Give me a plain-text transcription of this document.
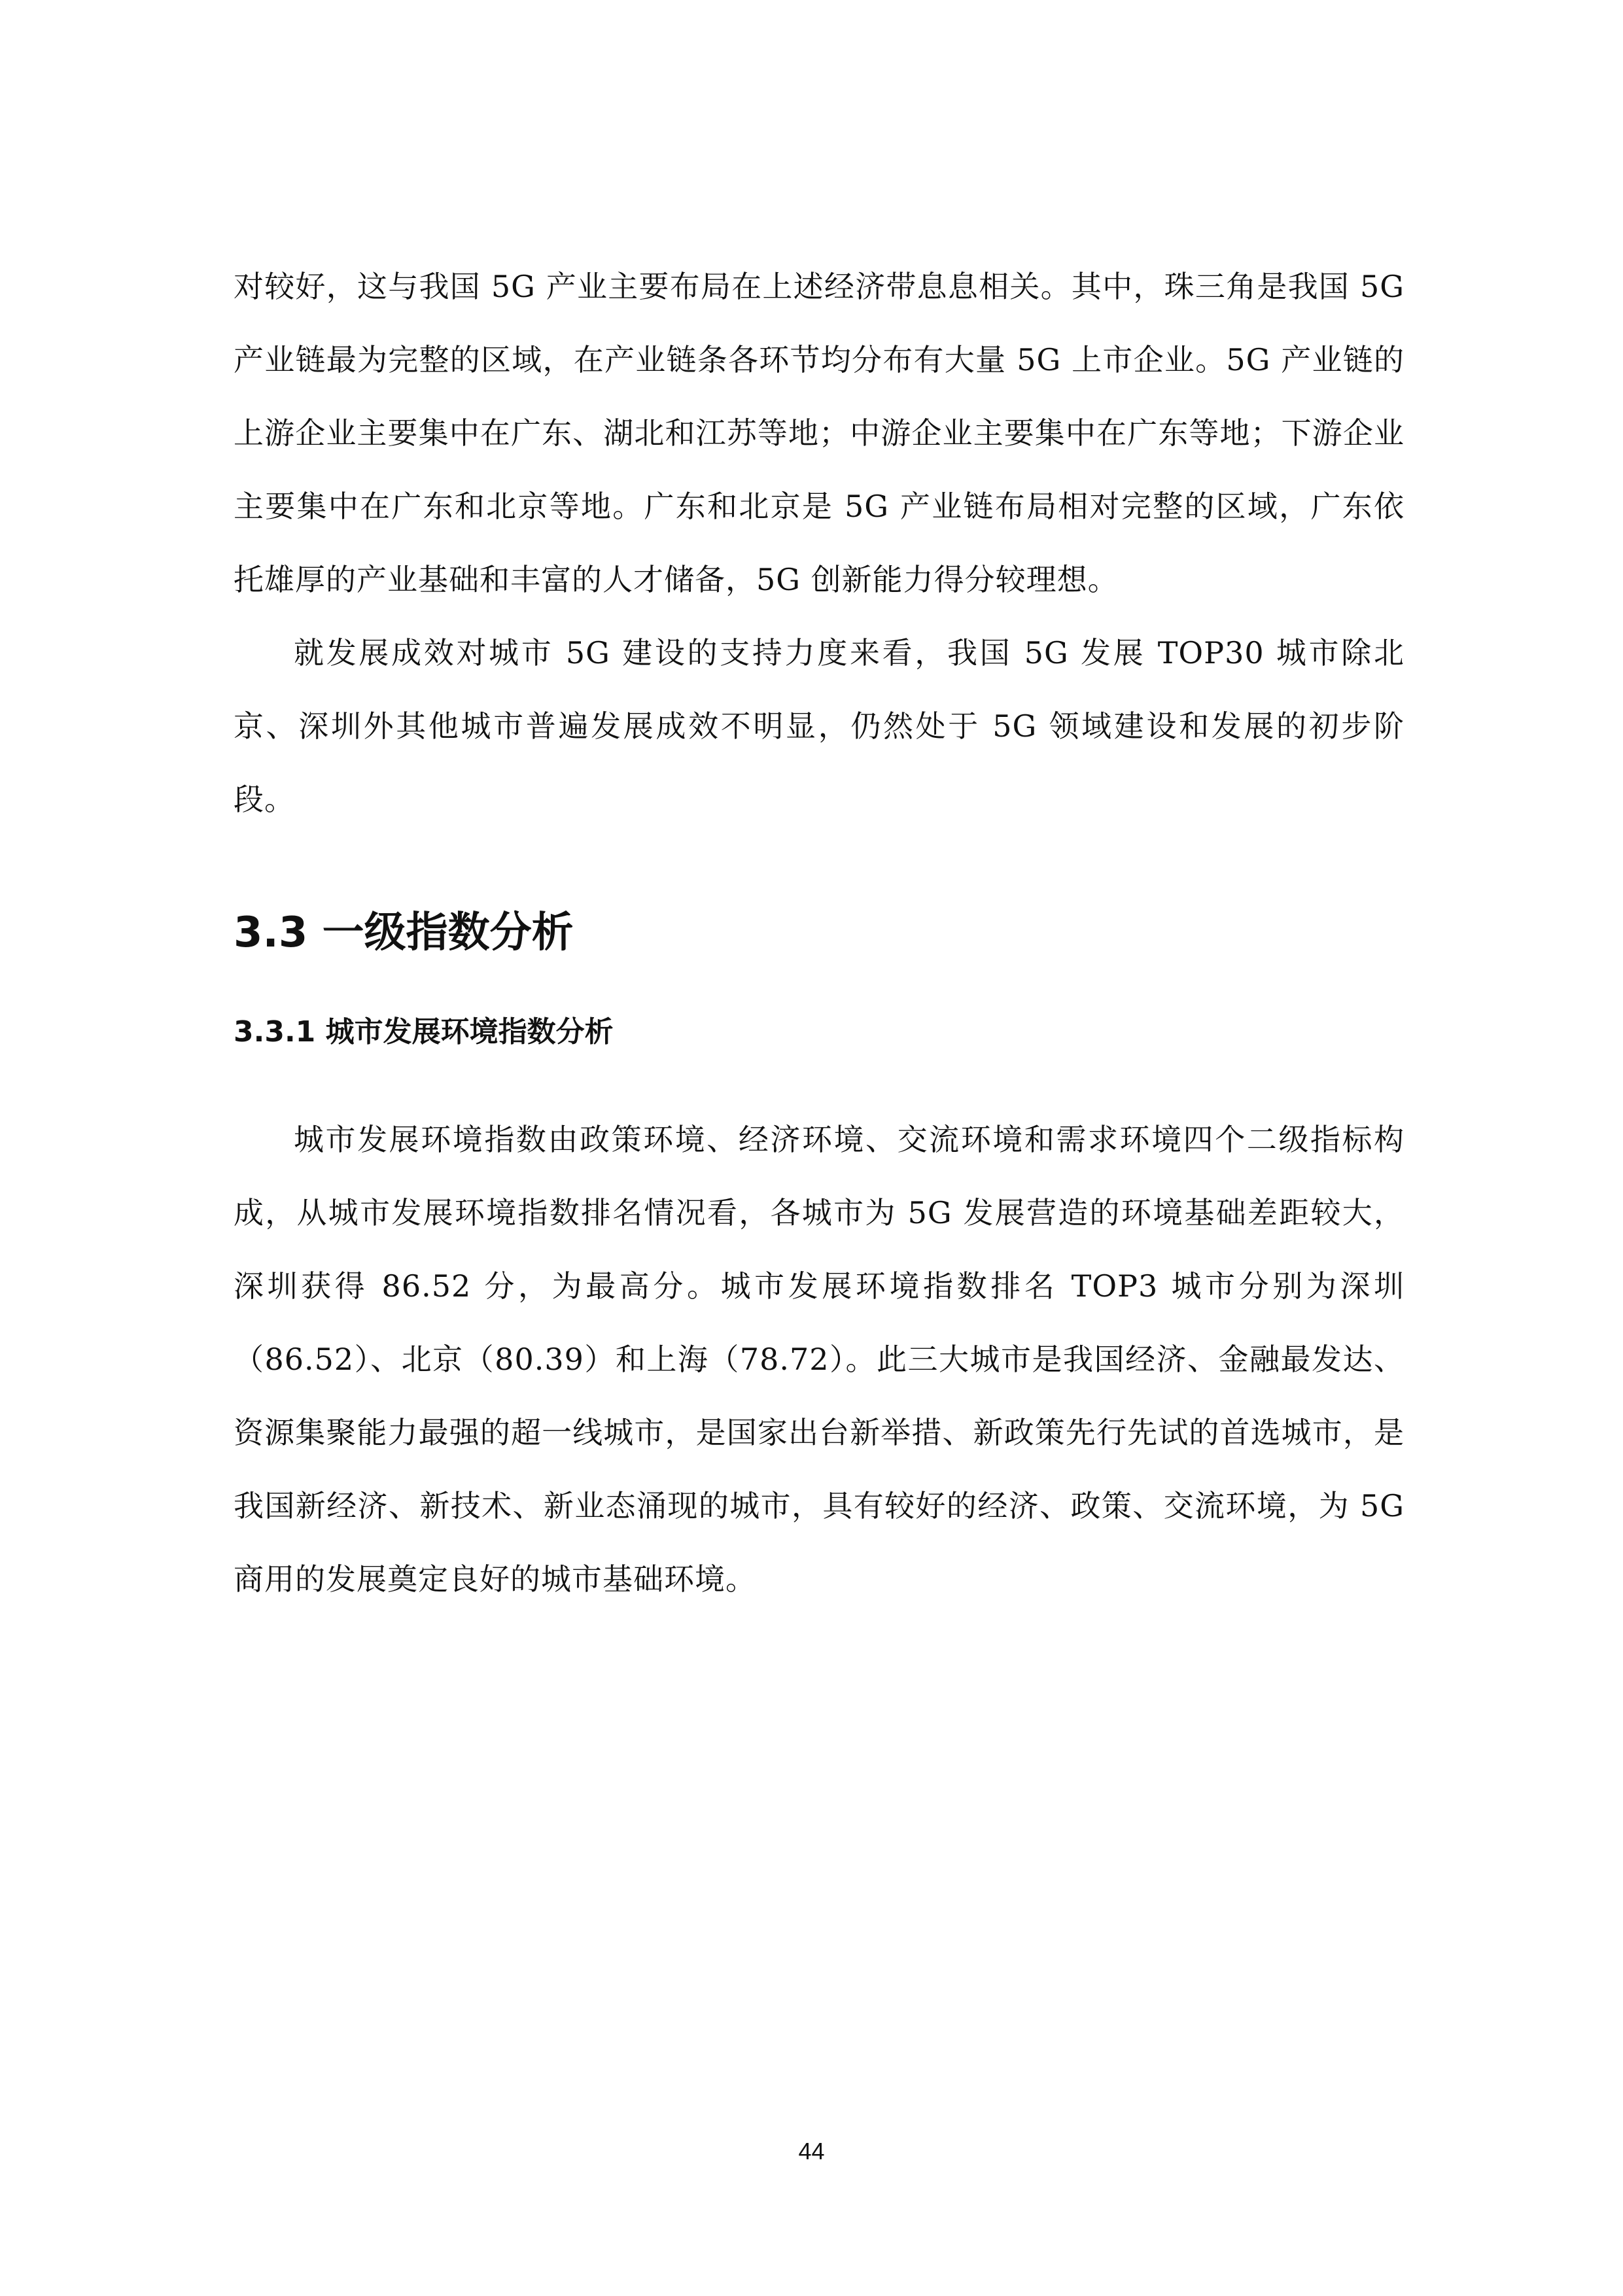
对较好，这与我国 5G 产业主要布局在上述经济带息息相关。其中，珠三角是我国 5G 产业链最为完整的区域，在产业链条各环节均分布有大量 5G 上市企业。5G 产业链的上游企业主要集中在广东、湖北和江苏等地；中游企业主要集中在广东等地；下游企业主要集中在广东和北京等地。广东和北京是 5G 产业链布局相对完整的区域，广东依托雄厚的产业基础和丰富的人才储备，5G 创新能力得分较理想。

就发展成效对城市 5G 建设的支持力度来看，我国 5G 发展 TOP30 城市除北京、深圳外其他城市普遍发展成效不明显，仍然处于 5G 领域建设和发展的初步阶段。

3.3 一级指数分析
3.3.1 城市发展环境指数分析

城市发展环境指数由政策环境、经济环境、交流环境和需求环境四个二级指标构成，从城市发展环境指数排名情况看，各城市为 5G 发展营造的环境基础差距较大，深圳获得 86.52 分，为最高分。城市发展环境指数排名 TOP3 城市分别为深圳（86.52）、北京（80.39）和上海（78.72）。此三大城市是我国经济、金融最发达、资源集聚能力最强的超一线城市，是国家出台新举措、新政策先行先试的首选城市，是我国新经济、新技术、新业态涌现的城市，具有较好的经济、政策、交流环境，为 5G 商用的发展奠定良好的城市基础环境。

44
